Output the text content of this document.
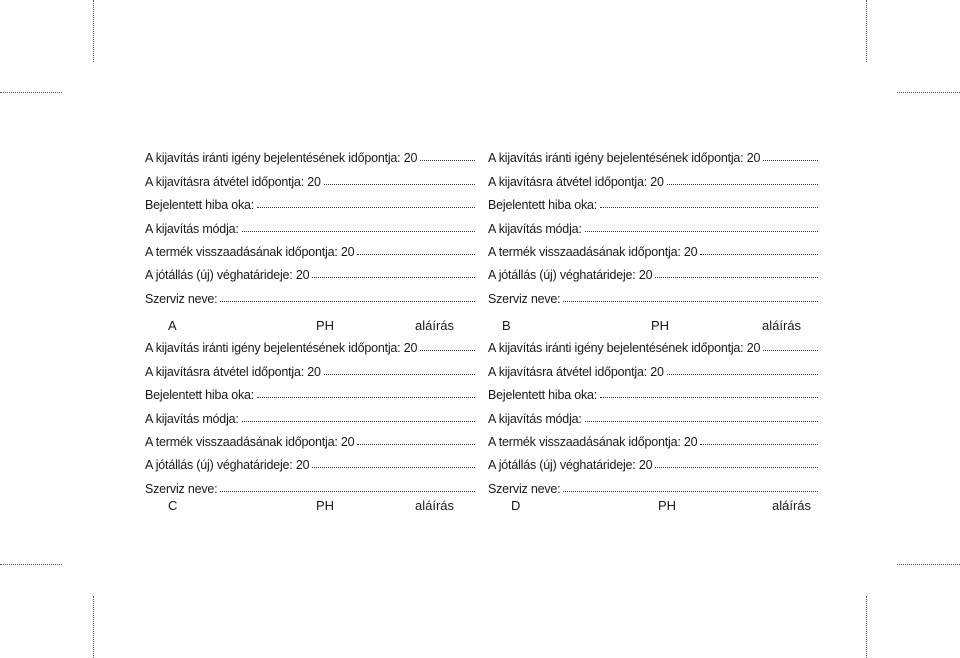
A kijavítás iránti igény bejelentésének időpontja: 20
A kijavításra átvétel időpontja: 20
Bejelentett hiba oka:
A kijavítás módja:
A termék visszaadásának időpontja: 20
A jótállás (új) véghatárideje: 20
Szerviz neve:
A	PH	aláírás
A kijavítás iránti igény bejelentésének időpontja: 20
A kijavításra átvétel időpontja: 20
Bejelentett hiba oka:
A kijavítás módja:
A termék visszaadásának időpontja: 20
A jótállás (új) véghatárideje: 20
Szerviz neve:
B	PH	aláírás
A kijavítás iránti igény bejelentésének időpontja: 20
A kijavításra átvétel időpontja: 20
Bejelentett hiba oka:
A kijavítás módja:
A termék visszaadásának időpontja: 20
A jótállás (új) véghatárideje: 20
Szerviz neve:
C	PH	aláírás
A kijavítás iránti igény bejelentésének időpontja: 20
A kijavításra átvétel időpontja: 20
Bejelentett hiba oka:
A kijavítás módja:
A termék visszaadásának időpontja: 20
A jótállás (új) véghatárideje: 20
Szerviz neve:
D	PH	aláírás
